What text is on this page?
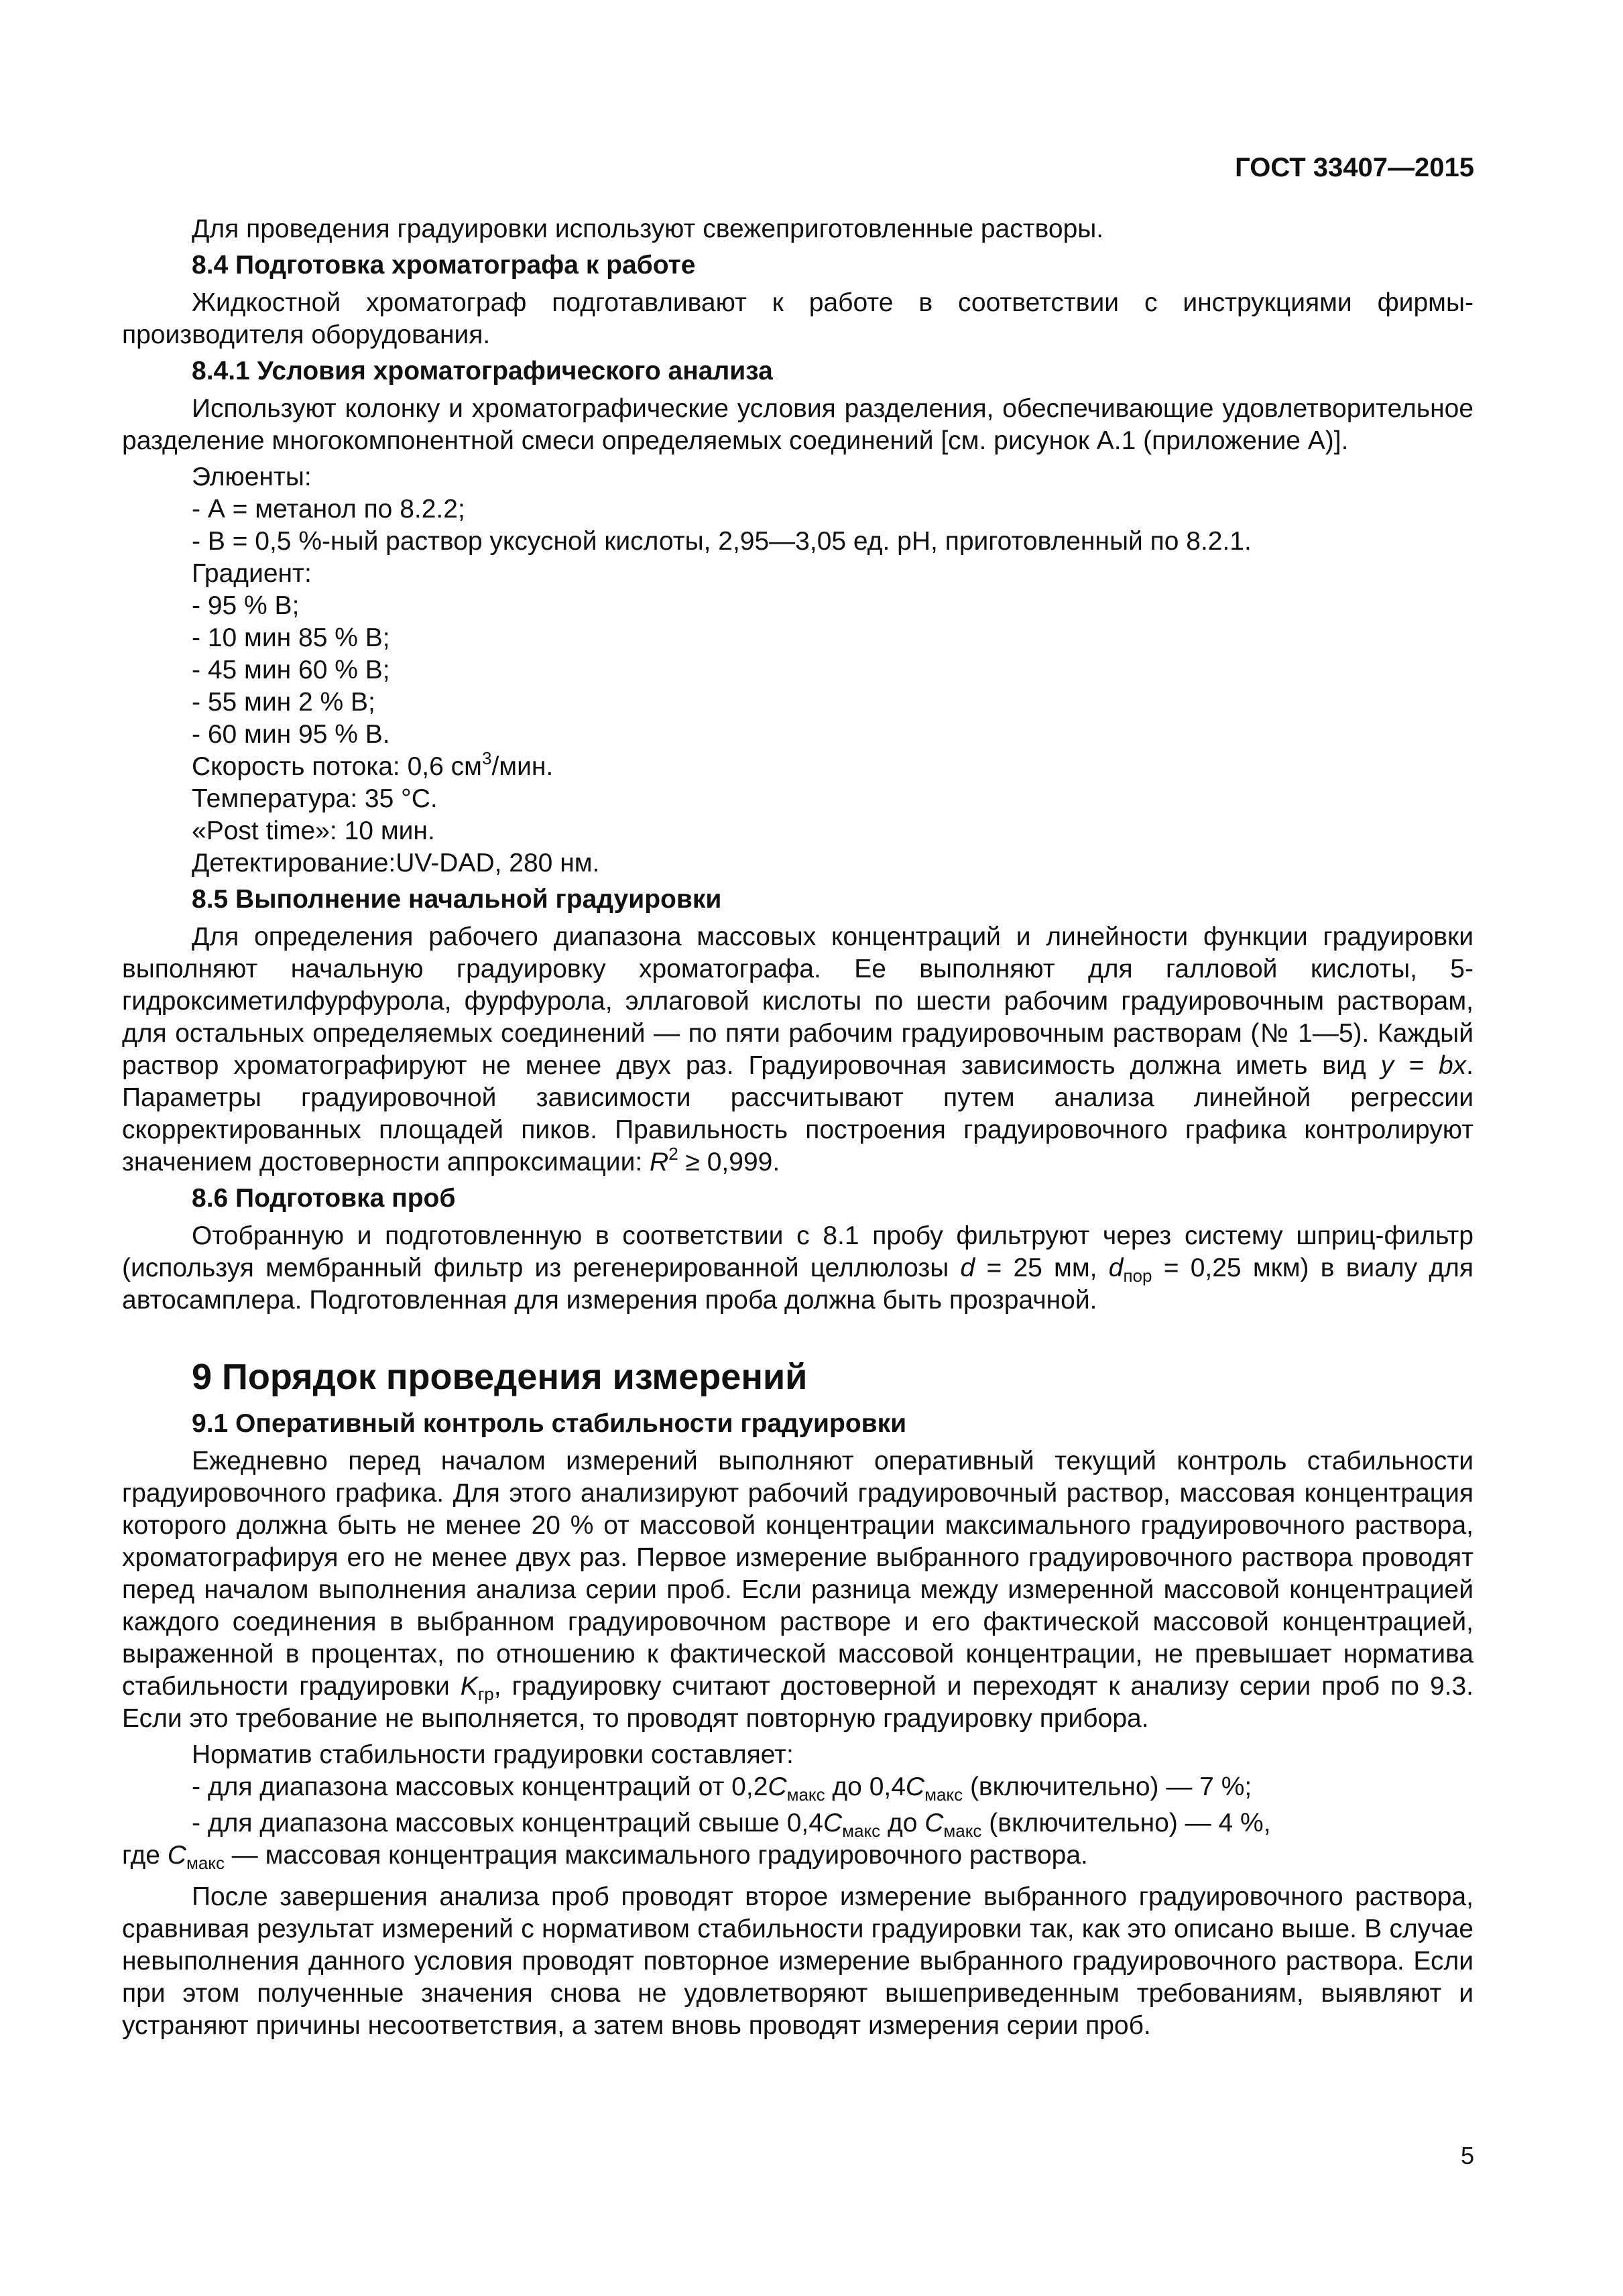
ГОСТ 33407—2015

Для проведения градуировки используют свежеприготовленные растворы.

8.4 Подготовка хроматографа к работе

Жидкостной хроматограф подготавливают к работе в соответствии с инструкциями фирмы-производителя оборудования.

8.4.1 Условия хроматографического анализа

Используют колонку и хроматографические условия разделения, обеспечивающие удовлетворительное разделение многокомпонентной смеси определяемых соединений [см. рисунок А.1 (приложение А)].

Элюенты:
- А = метанол по 8.2.2;
- В = 0,5 %-ный раствор уксусной кислоты, 2,95—3,05 ед. pH, приготовленный по 8.2.1.
Градиент:
- 95 % В;
- 10 мин 85 % В;
- 45 мин 60 % В;
- 55 мин 2 % В;
- 60 мин 95 % В.
Скорость потока: 0,6 $см^3$/мин.
Температура: 35 °С.
«Post time»: 10 мин.
Детектирование:UV-DAD, 280 нм.
8.5 Выполнение начальной градуировки

Для определения рабочего диапазона массовых концентраций и линейности функции градуировки выполняют начальную градуировку хроматографа. Ее выполняют для галловой кислоты, 5-гидроксиметилфурфурола, фурфурола, эллаговой кислоты по шести рабочим градуировочным растворам, для остальных определяемых соединений — по пяти рабочим градуировочным растворам (№ 1—5). Каждый раствор хроматографируют не менее двух раз. Градуировочная зависимость должна иметь вид y = bx. Параметры градуировочной зависимости рассчитывают путем анализа линейной регрессии скорректированных площадей пиков. Правильность построения градуировочного графика контролируют значением достоверности аппроксимации: $R^2 \ge 0,999$.

8.6 Подготовка проб

Отобранную и подготовленную в соответствии с 8.1 пробу фильтруют через систему шприц-фильтр (используя мембранный фильтр из регенерированной целлюлозы d = 25 мм, $d_{пор} = 0,25$ мкм) в виалу для автосамплера. Подготовленная для измерения проба должна быть прозрачной.

9 Порядок проведения измерений
9.1 Оперативный контроль стабильности градуировки

Ежедневно перед началом измерений выполняют оперативный текущий контроль стабильности градуировочного графика. Для этого анализируют рабочий градуировочный раствор, массовая концентрация которого должна быть не менее 20 % от массовой концентрации максимального градуировочного раствора, хроматографируя его не менее двух раз. Первое измерение выбранного градуировочного раствора проводят перед началом выполнения анализа серии проб. Если разница между измеренной массовой концентрацией каждого соединения в выбранном градуировочном растворе и его фактической массовой концентрацией, выраженной в процентах, по отношению к фактической массовой концентрации, не превышает норматива стабильности градуировки $K_{гр}$, градуировку считают достоверной и переходят к анализу серии проб по 9.3. Если это требование не выполняется, то проводят повторную градуировку прибора.

Норматив стабильности градуировки составляет:
- для диапазона массовых концентраций от $0,2С_{макс}$ до $0,4С_{макс}$ (включительно) — 7 %;
- для диапазона массовых концентраций свыше $0,4С_{макс}$ до $С_{макс}$ (включительно) — 4 %,
где $С_{макс}$ — массовая концентрация максимального градуировочного раствора.

После завершения анализа проб проводят второе измерение выбранного градуировочного раствора, сравнивая результат измерений с нормативом стабильности градуировки так, как это описано выше. В случае невыполнения данного условия проводят повторное измерение выбранного градуировочного раствора. Если при этом полученные значения снова не удовлетворяют вышеприведенным требованиям, выявляют и устраняют причины несоответствия, а затем вновь проводят измерения серии проб.

5
